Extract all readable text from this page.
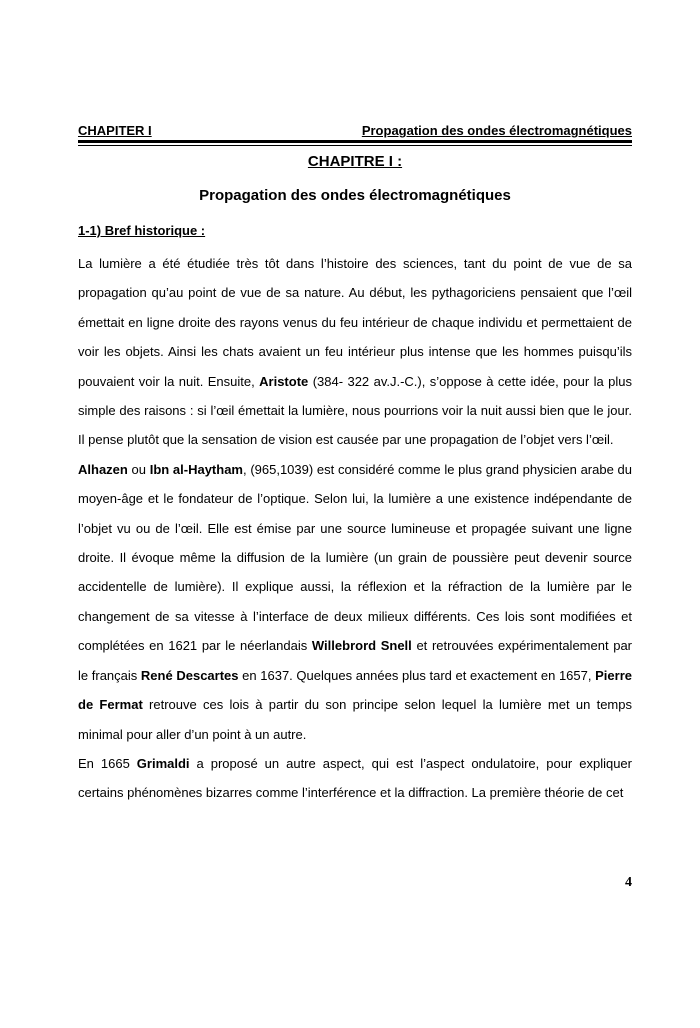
CHAPITER I	Propagation des ondes électromagnétiques
CHAPITRE I :
Propagation des ondes électromagnétiques
1-1) Bref historique :

La lumière a été étudiée très tôt dans l’histoire des sciences, tant du point de vue de sa propagation qu’au point de vue de sa nature. Au début, les pythagoriciens pensaient que l’œil émettait en ligne droite des rayons venus du feu intérieur de chaque individu et permettaient de voir les objets. Ainsi les chats avaient un feu intérieur plus intense que les hommes puisqu’ils pouvaient voir la nuit. Ensuite, Aristote (384- 322 av.J.-C.), s’oppose à cette idée, pour la plus simple des raisons : si l’œil émettait la lumière, nous pourrions voir la nuit aussi bien que le jour. Il pense plutôt que la sensation de vision est causée par une propagation de l’objet vers l’œil.

Alhazen ou Ibn al-Haytham, (965,1039) est considéré comme le plus grand physicien arabe du moyen-âge et le fondateur de l’optique. Selon lui, la lumière a une existence indépendante de l’objet vu ou de l’œil. Elle est émise par une source lumineuse et propagée suivant une ligne droite. Il évoque même la diffusion de la lumière (un grain de poussière peut devenir source accidentelle de lumière). Il explique aussi, la réflexion et la réfraction de la lumière par le changement de sa vitesse à l’interface de deux milieux différents. Ces lois sont modifiées et complétées en 1621 par le néerlandais Willebrord Snell et retrouvées expérimentalement par le français René Descartes en 1637. Quelques années plus tard et exactement en 1657, Pierre de Fermat retrouve ces lois à partir du son principe selon lequel la lumière met un temps minimal pour aller d’un point à un autre.

En 1665 Grimaldi a proposé un autre aspect, qui est l’aspect ondulatoire, pour expliquer certains phénomènes bizarres comme l’interférence et la diffraction. La première théorie de cet

4
